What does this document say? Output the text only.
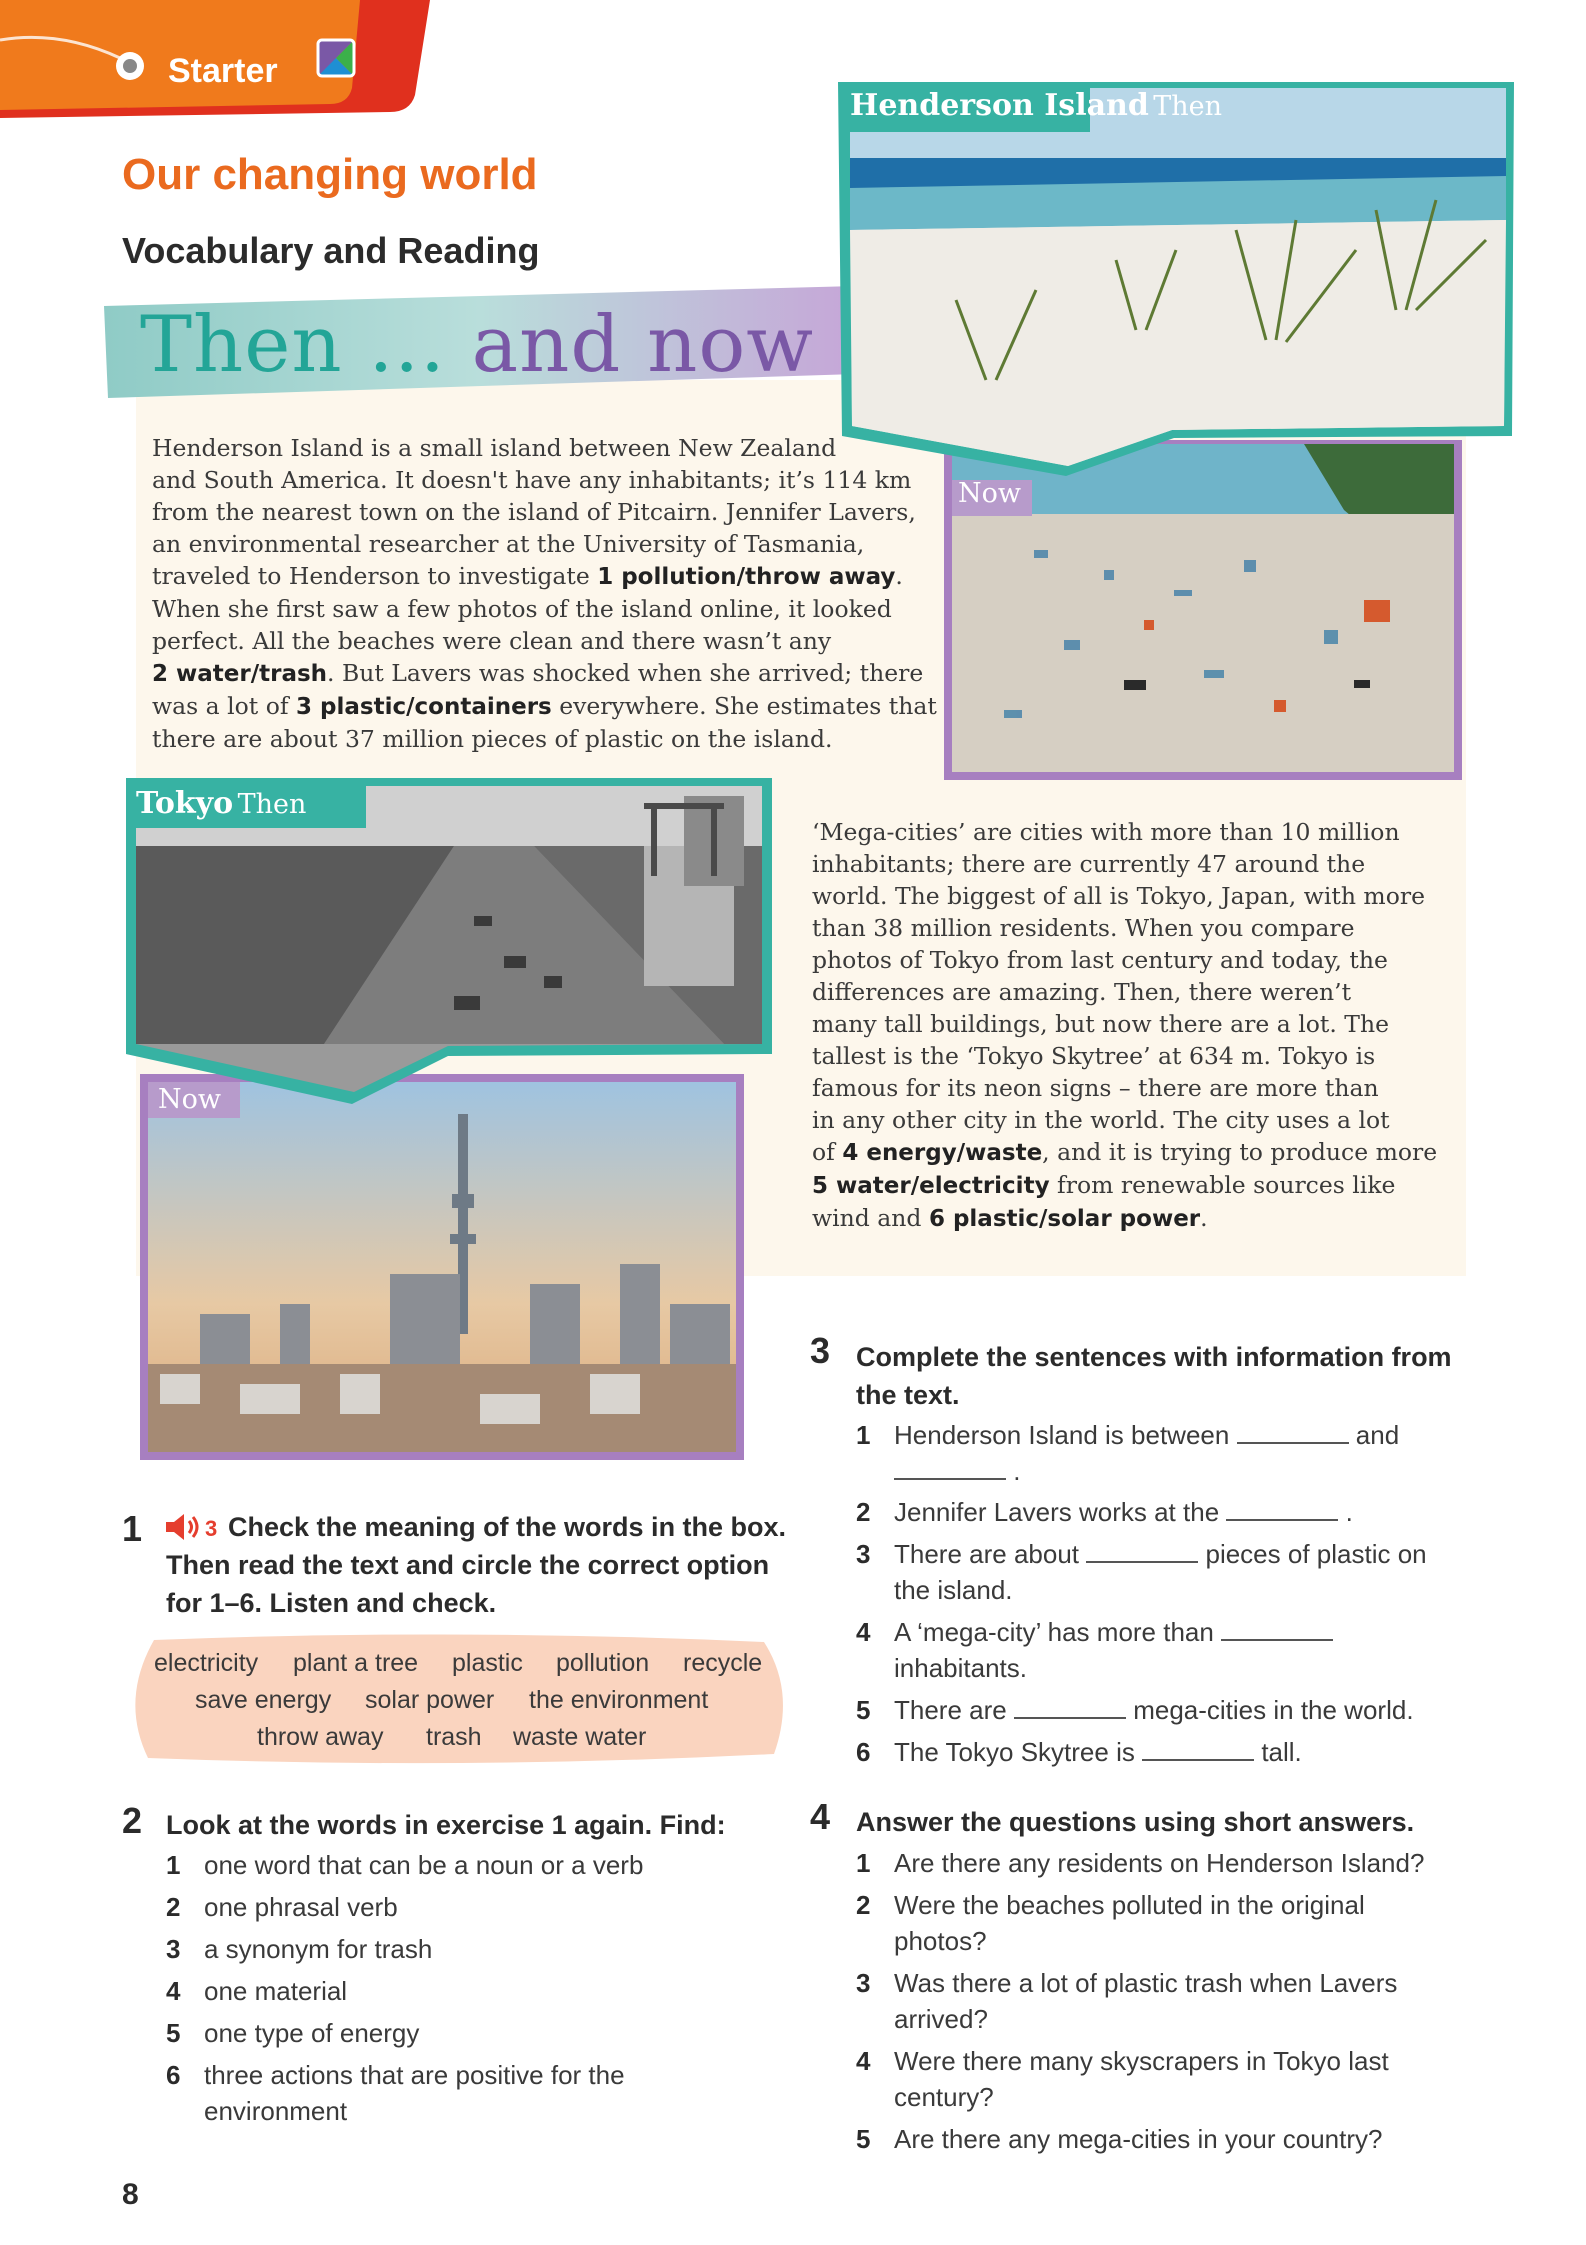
Starter
Our changing world
Vocabulary and Reading
Then ... and now
Now
Henderson Island Then
Now
Tokyo Then
Henderson Island is a small island between New Zealand
and South America. It doesn't have any inhabitants; it’s 114 km
from the nearest town on the island of Pitcairn. Jennifer Lavers,
an environmental researcher at the University of Tasmania,
traveled to Henderson to investigate 1 pollution/throw away.
When she first saw a few photos of the island online, it looked
perfect. All the beaches were clean and there wasn’t any
2 water/trash. But Lavers was shocked when she arrived; there
was a lot of 3 plastic/containers everywhere. She estimates that
there are about 37 million pieces of plastic on the island.
‘Mega-cities’ are cities with more than 10 million
inhabitants; there are currently 47 around the
world. The biggest of all is Tokyo, Japan, with more
than 38 million residents. When you compare
photos of Tokyo from last century and today, the
differences are amazing. Then, there weren’t
many tall buildings, but now there are a lot. The
tallest is the ‘Tokyo Skytree’ at 634 m. Tokyo is
famous for its neon signs – there are more than
in any other city in the world. The city uses a lot
of 4 energy/waste, and it is trying to produce more
5 water/electricity from renewable sources like
wind and 6 plastic/solar power.
1	3 Check the meaning of the words in the box.
Then read the text and circle the correct option
for 1–6. Listen and check.
electricity plant a tree plastic pollution recycle
save energy solar power the environment
throw away trash waste water
2 Look at the words in exercise 1 again. Find:
1 one word that can be a noun or a verb
2 one phrasal verb
3 a synonym for trash
4 one material
5 one type of energy
6 three actions that are positive for the
environment
3 Complete the sentences with information from
the text.
1 Henderson Island is between	and
.
2 Jennifer Lavers works at the	.
3 There are about	pieces of plastic on
the island.
4 A ‘mega-city’ has more than
inhabitants.
5 There are	mega-cities in the world.
6 The Tokyo Skytree is	tall.
4 Answer the questions using short answers.
1 Are there any residents on Henderson Island?
2 Were the beaches polluted in the original
photos?
3 Was there a lot of plastic trash when Lavers
arrived?
4 Were there many skyscrapers in Tokyo last
century?
5 Are there any mega-cities in your country?
8
